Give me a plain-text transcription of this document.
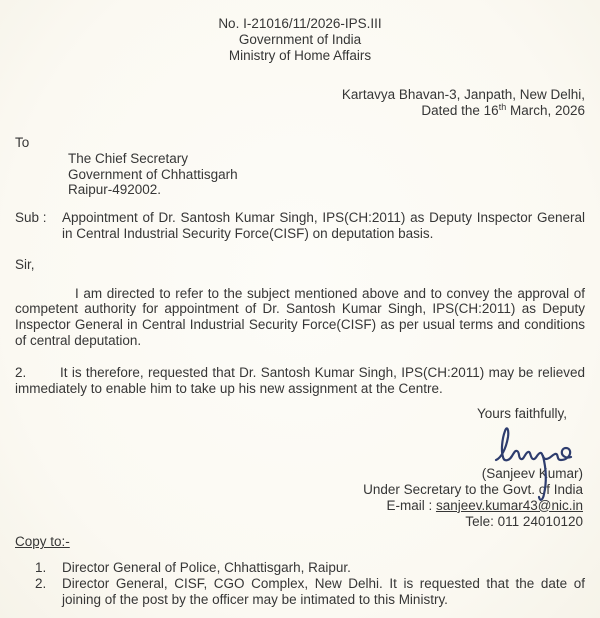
No. I-21016/11/2026-IPS.III
Government of India
Ministry of Home Affairs
Kartavya Bhavan-3, Janpath, New Delhi,
Dated the 16th March, 2026
To
The Chief Secretary
Government of Chhattisgarh
Raipur-492002.
Sub :	Appointment of Dr. Santosh Kumar Singh, IPS(CH:2011) as Deputy Inspector General in Central Industrial Security Force(CISF) on deputation basis.
Sir,
I am directed to refer to the subject mentioned above and to convey the approval of competent authority for appointment of Dr. Santosh Kumar Singh, IPS(CH:2011) as Deputy Inspector General in Central Industrial Security Force(CISF) as per usual terms and conditions of central deputation.
2. It is therefore, requested that Dr. Santosh Kumar Singh, IPS(CH:2011) may be relieved immediately to enable him to take up his new assignment at the Centre.
Yours faithfully,
(Sanjeev Kumar)
Under Secretary to the Govt. of India
E-mail : sanjeev.kumar43@nic.in
Tele: 011 24010120
Copy to:-
1.	Director General of Police, Chhattisgarh, Raipur.
2.	Director General, CISF, CGO Complex, New Delhi. It is requested that the date of joining of the post by the officer may be intimated to this Ministry.
